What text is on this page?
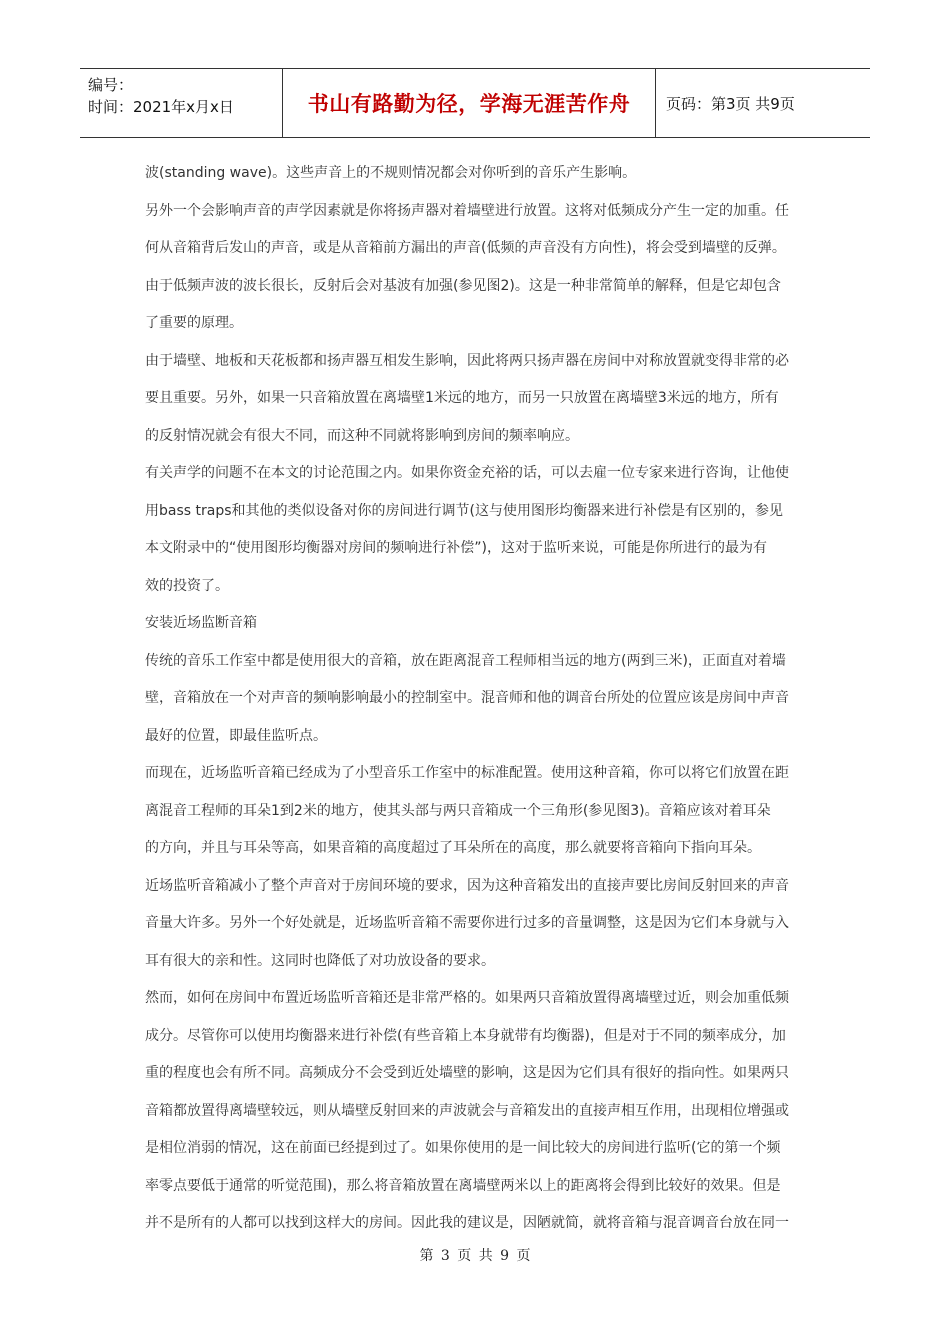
编号：
时间：2021年x月x日	书山有路勤为径，学海无涯苦作舟 页码：第3页 共9页
波(standing wave)。这些声音上的不规则情况都会对你听到的音乐产生影响。
另外一个会影响声音的声学因素就是你将扬声器对着墙壁进行放置。这将对低频成分产生一定的加重。任
何从音箱背后发山的声音，或是从音箱前方漏出的声音(低频的声音没有方向性)，将会受到墙壁的反弹。
由于低频声波的波长很长，反射后会对基波有加强(参见图2)。这是一种非常简单的解释，但是它却包含
了重要的原理。
由于墙壁、地板和天花板都和扬声器互相发生影响，因此将两只扬声器在房间中对称放置就变得非常的必
要且重要。另外，如果一只音箱放置在离墙壁1米远的地方，而另一只放置在离墙壁3米远的地方，所有
的反射情况就会有很大不同，而这种不同就将影响到房间的频率响应。
有关声学的问题不在本文的讨论范围之内。如果你资金充裕的话，可以去雇一位专家来进行咨询，让他使
用bass traps和其他的类似设备对你的房间进行调节(这与使用图形均衡器来进行补偿是有区别的，参见
本文附录中的“使用图形均衡器对房间的频响进行补偿”)，这对于监听来说，可能是你所进行的最为有
效的投资了。
安装近场监断音箱
传统的音乐工作室中都是使用很大的音箱，放在距离混音工程师相当远的地方(两到三米)，正面直对着墙
壁，音箱放在一个对声音的频响影响最小的控制室中。混音师和他的调音台所处的位置应该是房间中声音
最好的位置，即最佳监听点。
而现在，近场监听音箱已经成为了小型音乐工作室中的标准配置。使用这种音箱，你可以将它们放置在距
离混音工程师的耳朵1到2米的地方，使其头部与两只音箱成一个三角形(参见图3)。音箱应该对着耳朵
的方向，并且与耳朵等高，如果音箱的高度超过了耳朵所在的高度，那么就要将音箱向下指向耳朵。
近场监听音箱减小了整个声音对于房间环境的要求，因为这种音箱发出的直接声要比房间反射回来的声音
音量大许多。另外一个好处就是，近场监听音箱不需要你进行过多的音量调整，这是因为它们本身就与入
耳有很大的亲和性。这同时也降低了对功放设备的要求。
然而，如何在房间中布置近场监听音箱还是非常严格的。如果两只音箱放置得离墙壁过近，则会加重低频
成分。尽管你可以使用均衡器来进行补偿(有些音箱上本身就带有均衡器)，但是对于不同的频率成分，加
重的程度也会有所不同。高频成分不会受到近处墙壁的影响，这是因为它们具有很好的指向性。如果两只
音箱都放置得离墙壁较远，则从墙壁反射回来的声波就会与音箱发出的直接声相互作用，出现相位增强或
是相位消弱的情况，这在前面已经提到过了。如果你使用的是一间比较大的房间进行监听(它的第一个频
率零点要低于通常的听觉范围)，那么将音箱放置在离墙壁两米以上的距离将会得到比较好的效果。但是
并不是所有的人都可以找到这样大的房间。因此我的建议是，因陋就简，就将音箱与混音调音台放在同一
第 3 页 共 9 页
